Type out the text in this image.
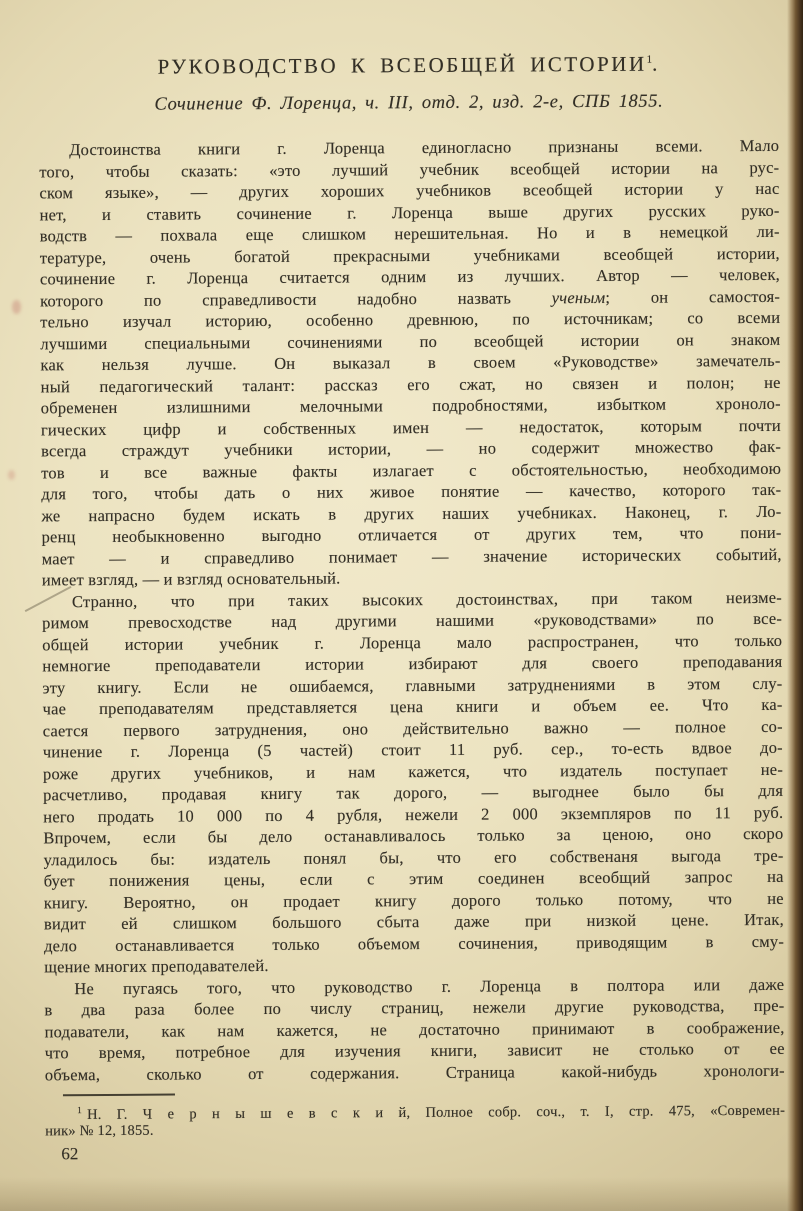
РУКОВОДСТВО К ВСЕОБЩЕЙ ИСТОРИИ$^1$.
Сочинение Ф. Лоренца, ч. III, отд. 2, изд. 2-е, СПБ 1855.
Достоинства книги г. Лоренца единогласно признаны всеми. Мало
того, чтобы сказать: «это лучший учебник всеобщей истории на рус-
ском языке», — других хороших учебников всеобщей истории у нас
нет, и ставить сочинение г. Лоренца выше других русских руко-
водств — похвала еще слишком нерешительная. Но и в немецкой ли-
тературе, очень богатой прекрасными учебниками всеобщей истории,
сочинение г. Лоренца считается одним из лучших. Автор — человек,
которого по справедливости надобно назвать ученым; он самостоя-
тельно изучал историю, особенно древнюю, по источникам; со всеми
лучшими специальными сочинениями по всеобщей истории он знаком
как нельзя лучше. Он выказал в своем «Руководстве» замечатель-
ный педагогический талант: рассказ его сжат, но связен и полон; не
обременен излишними мелочными подробностями, избытком хроноло-
гических цифр и собственных имен — недостаток, которым почти
всегда страждут учебники истории, — но содержит множество фак-
тов и все важные факты излагает с обстоятельностью, необходимою
для того, чтобы дать о них живое понятие — качество, которого так-
же напрасно будем искать в других наших учебниках. Наконец, г. Ло-
ренц необыкновенно выгодно отличается от других тем, что пони-
мает — и справедливо понимает — значение исторических событий,
имеет взгляд, — и взгляд основательный.
Странно, что при таких высоких достоинствах, при таком неизме-
римом превосходстве над другими нашими «руководствами» по все-
общей истории учебник г. Лоренца мало распространен, что только
немногие преподаватели истории избирают для своего преподавания
эту книгу. Если не ошибаемся, главными затруднениями в этом слу-
чае преподавателям представляется цена книги и объем ее. Что ка-
сается первого затруднения, оно действительно важно — полное со-
чинение г. Лоренца (5 частей) стоит 11 руб. сер., то-есть вдвое до-
роже других учебников, и нам кажется, что издатель поступает не-
расчетливо, продавая книгу так дорого, — выгоднее было бы для
него продать 10 000 по 4 рубля, нежели 2 000 экземпляров по 11 руб.
Впрочем, если бы дело останавливалось только за ценою, оно скоро
уладилось бы: издатель понял бы, что его собственаня выгода тре-
бует понижения цены, если с этим соединен всеобщий запрос на
книгу. Вероятно, он продает книгу дорого только потому, что не
видит ей слишком большого сбыта даже при низкой цене. Итак,
дело останавливается только объемом сочинения, приводящим в сму-
щение многих преподавателей.
Не пугаясь того, что руководство г. Лоренца в полтора или даже
в два раза более по числу страниц, нежели другие руководства, пре-
подаватели, как нам кажется, не достаточно принимают в соображение,
что время, потребное для изучения книги, зависит не столько от ее
объема, сколько от содержания. Страница какой-нибудь хронологи-
$^1$ Н. Г. Ч е р н ы ш е в с к и й, Полное собр. соч., т. I, стр. 475, «Современ-
ник» № 12, 1855.
62
